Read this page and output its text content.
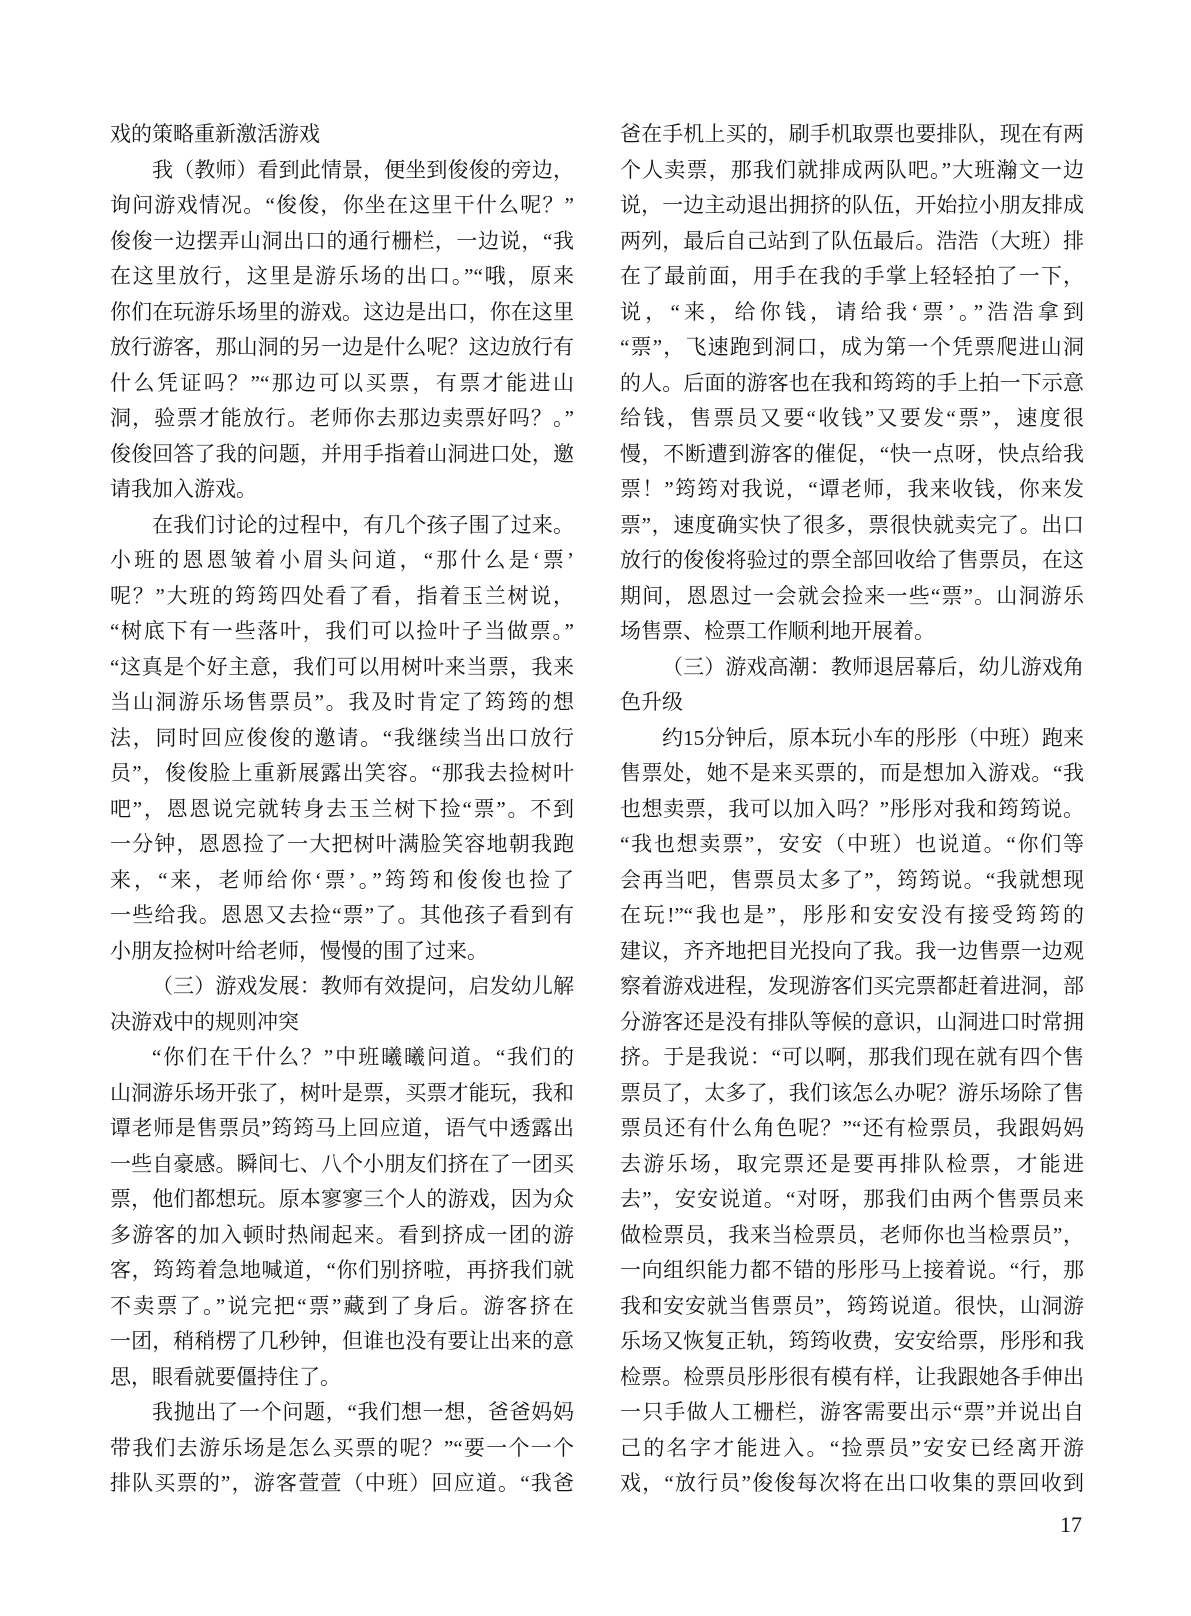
戏的策略重新激活游戏
我（教师）看到此情景，便坐到俊俊的旁边，
询问游戏情况。“俊俊，你坐在这里干什么呢？”
俊俊一边摆弄山洞出口的通行栅栏，一边说，“我
在这里放行，这里是游乐场的出口。”“哦，原来
你们在玩游乐场里的游戏。这边是出口，你在这里
放行游客，那山洞的另一边是什么呢？这边放行有
什么凭证吗？”“那边可以买票，有票才能进山
洞，验票才能放行。老师你去那边卖票好吗？。”
俊俊回答了我的问题，并用手指着山洞进口处，邀
请我加入游戏。
在我们讨论的过程中，有几个孩子围了过来。
小班的恩恩皱着小眉头问道，“那什么是‘票’
呢？”大班的筠筠四处看了看，指着玉兰树说，
“树底下有一些落叶，我们可以捡叶子当做票。”
“这真是个好主意，我们可以用树叶来当票，我来
当山洞游乐场售票员”。我及时肯定了筠筠的想
法，同时回应俊俊的邀请。“我继续当出口放行
员”，俊俊脸上重新展露出笑容。“那我去捡树叶
吧”，恩恩说完就转身去玉兰树下捡“票”。不到
一分钟，恩恩捡了一大把树叶满脸笑容地朝我跑
来，“来，老师给你‘票’。”筠筠和俊俊也捡了
一些给我。恩恩又去捡“票”了。其他孩子看到有
小朋友捡树叶给老师，慢慢的围了过来。
（三）游戏发展：教师有效提问，启发幼儿解
决游戏中的规则冲突
“你们在干什么？”中班曦曦问道。“我们的
山洞游乐场开张了，树叶是票，买票才能玩，我和
谭老师是售票员”筠筠马上回应道，语气中透露出
一些自豪感。瞬间七、八个小朋友们挤在了一团买
票，他们都想玩。原本寥寥三个人的游戏，因为众
多游客的加入顿时热闹起来。看到挤成一团的游
客，筠筠着急地喊道，“你们别挤啦，再挤我们就
不卖票了。”说完把“票”藏到了身后。游客挤在
一团，稍稍楞了几秒钟，但谁也没有要让出来的意
思，眼看就要僵持住了。
我抛出了一个问题，“我们想一想，爸爸妈妈
带我们去游乐场是怎么买票的呢？”“要一个一个
排队买票的”，游客萱萱（中班）回应道。“我爸
爸在手机上买的，刷手机取票也要排队，现在有两
个人卖票，那我们就排成两队吧。”大班瀚文一边
说，一边主动退出拥挤的队伍，开始拉小朋友排成
两列，最后自己站到了队伍最后。浩浩（大班）排
在了最前面，用手在我的手掌上轻轻拍了一下，
说，“来，给你钱，请给我‘票’。”浩浩拿到
“票”，飞速跑到洞口，成为第一个凭票爬进山洞
的人。后面的游客也在我和筠筠的手上拍一下示意
给钱，售票员又要“收钱”又要发“票”，速度很
慢，不断遭到游客的催促，“快一点呀，快点给我
票！”筠筠对我说，“谭老师，我来收钱，你来发
票”，速度确实快了很多，票很快就卖完了。出口
放行的俊俊将验过的票全部回收给了售票员，在这
期间，恩恩过一会就会捡来一些“票”。山洞游乐
场售票、检票工作顺利地开展着。
（三）游戏高潮：教师退居幕后，幼儿游戏角
色升级
约15分钟后，原本玩小车的彤彤（中班）跑来
售票处，她不是来买票的，而是想加入游戏。“我
也想卖票，我可以加入吗？”彤彤对我和筠筠说。
“我也想卖票”，安安（中班）也说道。“你们等
会再当吧，售票员太多了”，筠筠说。“我就想现
在玩!”“我也是”，彤彤和安安没有接受筠筠的
建议，齐齐地把目光投向了我。我一边售票一边观
察着游戏进程，发现游客们买完票都赶着进洞，部
分游客还是没有排队等候的意识，山洞进口时常拥
挤。于是我说：“可以啊，那我们现在就有四个售
票员了，太多了，我们该怎么办呢？游乐场除了售
票员还有什么角色呢？”“还有检票员，我跟妈妈
去游乐场，取完票还是要再排队检票，才能进
去”，安安说道。“对呀，那我们由两个售票员来
做检票员，我来当检票员，老师你也当检票员”，
一向组织能力都不错的彤彤马上接着说。“行，那
我和安安就当售票员”，筠筠说道。很快，山洞游
乐场又恢复正轨，筠筠收费，安安给票，彤彤和我
检票。检票员彤彤很有模有样，让我跟她各手伸出
一只手做人工栅栏，游客需要出示“票”并说出自
己的名字才能进入。“捡票员”安安已经离开游
戏，“放行员”俊俊每次将在出口收集的票回收到
17
